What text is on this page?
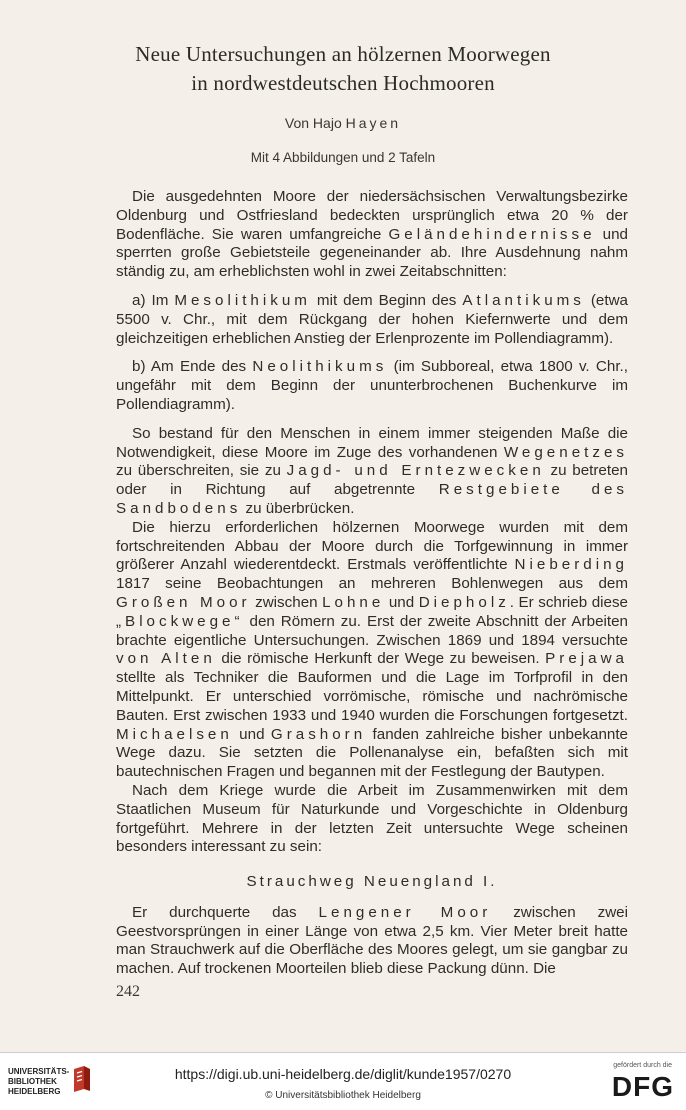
Neue Untersuchungen an hölzernen Moorwegen
in nordwestdeutschen Hochmooren
Von Hajo Hayen
Mit 4 Abbildungen und 2 Tafeln

Die ausgedehnten Moore der niedersächsischen Verwaltungsbezirke Oldenburg und Ostfriesland bedeckten ursprünglich etwa 20 % der Bodenfläche. Sie waren umfangreiche Geländehindernisse und sperrten große Gebietsteile gegeneinander ab. Ihre Ausdehnung nahm ständig zu, am erheblichsten wohl in zwei Zeitabschnitten:

a) Im Mesolithikum mit dem Beginn des Atlantikums (etwa 5500 v. Chr., mit dem Rückgang der hohen Kiefernwerte und dem gleichzeitigen erheblichen Anstieg der Erlenprozente im Pollendiagramm).

b) Am Ende des Neolithikums (im Subboreal, etwa 1800 v. Chr., ungefähr mit dem Beginn der ununterbrochenen Buchenkurve im Pollendiagramm).

So bestand für den Menschen in einem immer steigenden Maße die Notwendigkeit, diese Moore im Zuge des vorhandenen Wegenetzes zu überschreiten, sie zu Jagd- und Erntezwecken zu betreten oder in Richtung auf abgetrennte Restgebiete des Sandbodens zu überbrücken.

Die hierzu erforderlichen hölzernen Moorwege wurden mit dem fortschreitenden Abbau der Moore durch die Torfgewinnung in immer größerer Anzahl wiederentdeckt. Erstmals veröffentlichte Nieberding 1817 seine Beobachtungen an mehreren Bohlenwegen aus dem Großen Moor zwischen Lohne und Diepholz. Er schrieb diese „Blockwege“ den Römern zu. Erst der zweite Abschnitt der Arbeiten brachte eigentliche Untersuchungen. Zwischen 1869 und 1894 versuchte von Alten die römische Herkunft der Wege zu beweisen. Prejawa stellte als Techniker die Bauformen und die Lage im Torfprofil in den Mittelpunkt. Er unterschied vorrömische, römische und nachrömische Bauten. Erst zwischen 1933 und 1940 wurden die Forschungen fortgesetzt. Michaelsen und Grashorn fanden zahlreiche bisher unbekannte Wege dazu. Sie setzten die Pollenanalyse ein, befaßten sich mit bautechnischen Fragen und begannen mit der Festlegung der Bautypen.

Nach dem Kriege wurde die Arbeit im Zusammenwirken mit dem Staatlichen Museum für Naturkunde und Vorgeschichte in Oldenburg fortgeführt. Mehrere in der letzten Zeit untersuchte Wege scheinen besonders interessant zu sein:

Strauchweg Neuengland I.

Er durchquerte das Lengener Moor zwischen zwei Geestvorsprüngen in einer Länge von etwa 2,5 km. Vier Meter breit hatte man Strauchwerk auf die Oberfläche des Moores gelegt, um sie gangbar zu machen. Auf trockenen Moorteilen blieb diese Packung dünn. Die

242
UNIVERSITÄTS-
BIBLIOTHEK
HEIDELBERG
https://digi.ub.uni-heidelberg.de/diglit/kunde1957/0270
© Universitätsbibliothek Heidelberg
gefördert durch die
DFG
